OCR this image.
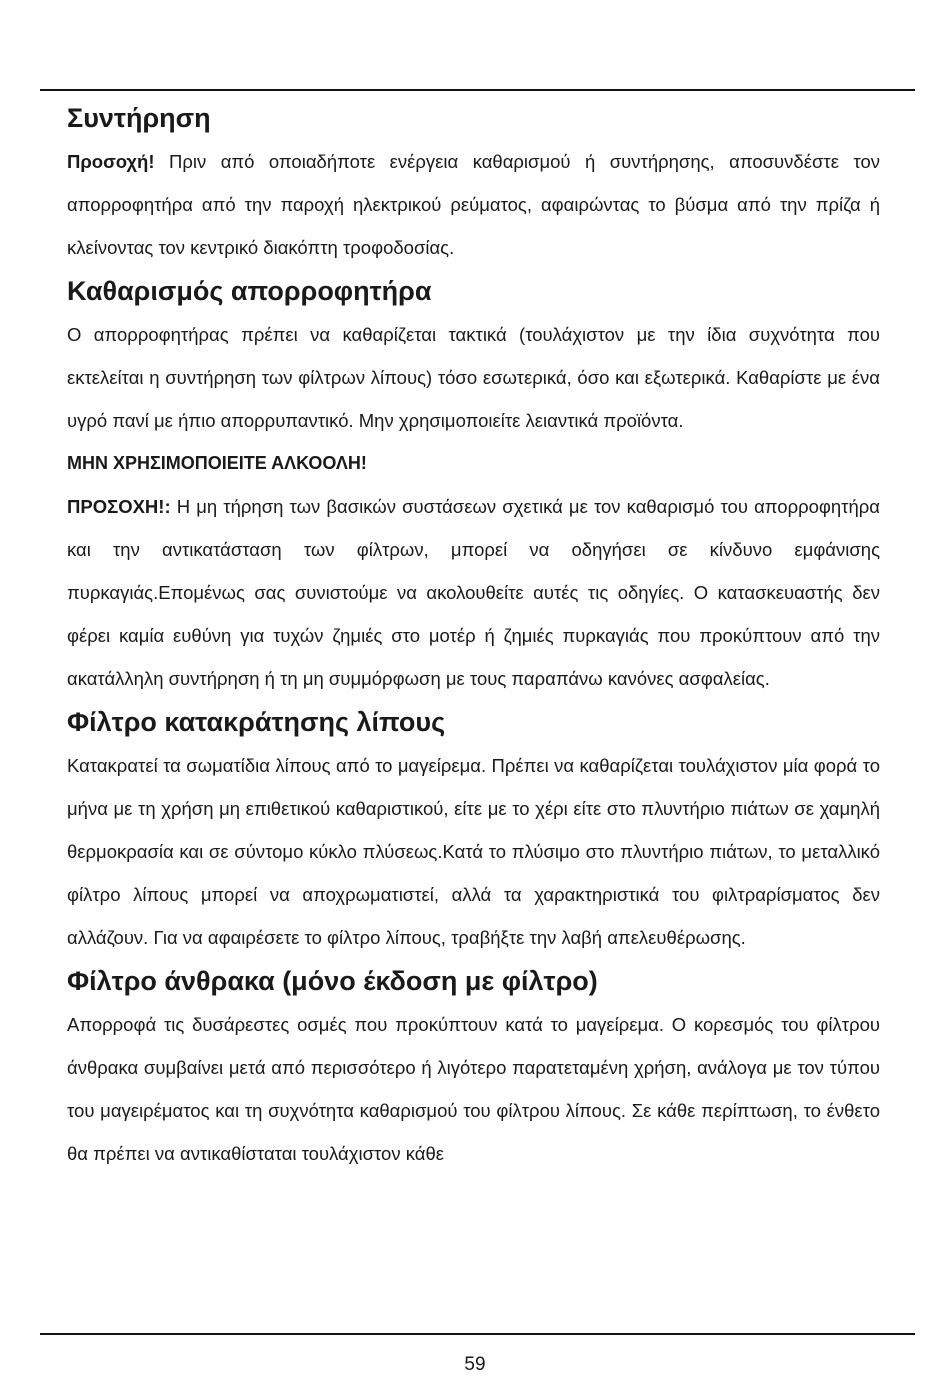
Συντήρηση

Προσοχή! Πριν από οποιαδήποτε ενέργεια καθαρισμού ή συντήρησης, αποσυνδέστε τον απορροφητήρα από την παροχή ηλεκτρικού ρεύματος, αφαιρώντας το βύσμα από την πρίζα ή κλείνοντας τον κεντρικό διακόπτη τροφοδοσίας.

Καθαρισμός απορροφητήρα

Ο απορροφητήρας πρέπει να καθαρίζεται τακτικά (τουλάχιστον με την ίδια συχνότητα που εκτελείται η συντήρηση των φίλτρων λίπους) τόσο εσωτερικά, όσο και εξωτερικά. Καθαρίστε με ένα υγρό πανί με ήπιο απορρυπαντικό. Μην χρησιμοποιείτε λειαντικά προϊόντα.

ΜΗΝ ΧΡΗΣΙΜΟΠΟΙΕΙΤΕ ΑΛΚΟΟΛΗ!

ΠΡΟΣΟΧΗ!: Η μη τήρηση των βασικών συστάσεων σχετικά με τον καθαρισμό του απορροφητήρα και την αντικατάσταση των φίλτρων, μπορεί να οδηγήσει σε κίνδυνο εμφάνισης πυρκαγιάς.Επομένως σας συνιστούμε να ακολουθείτε αυτές τις οδηγίες. Ο κατασκευαστής δεν φέρει καμία ευθύνη για τυχών ζημιές στο μοτέρ ή ζημιές πυρκαγιάς που προκύπτουν από την ακατάλληλη συντήρηση ή τη μη συμμόρφωση με τους παραπάνω κανόνες ασφαλείας.

Φίλτρο κατακράτησης λίπους

Κατακρατεί τα σωματίδια λίπους από το μαγείρεμα. Πρέπει να καθαρίζεται τουλάχιστον μία φορά το μήνα με τη χρήση μη επιθετικού καθαριστικού, είτε με το χέρι είτε στο πλυντήριο πιάτων σε χαμηλή θερμοκρασία και σε σύντομο κύκλο πλύσεως.Κατά το πλύσιμο στο πλυντήριο πιάτων, το μεταλλικό φίλτρο λίπους μπορεί να αποχρωματιστεί, αλλά τα χαρακτηριστικά του φιλτραρίσματος δεν αλλάζουν. Για να αφαιρέσετε το φίλτρο λίπους, τραβήξτε την λαβή απελευθέρωσης.

Φίλτρο άνθρακα (μόνο έκδοση με φίλτρο)

Απορροφά τις δυσάρεστες οσμές που προκύπτουν κατά το μαγείρεμα. Ο κορεσμός του φίλτρου άνθρακα συμβαίνει μετά από περισσότερο ή λιγότερο παρατεταμένη χρήση, ανάλογα με τον τύπου του μαγειρέματος και τη συχνότητα καθαρισμού του φίλτρου λίπους. Σε κάθε περίπτωση, το ένθετο θα πρέπει να αντικαθίσταται τουλάχιστον κάθε

59
